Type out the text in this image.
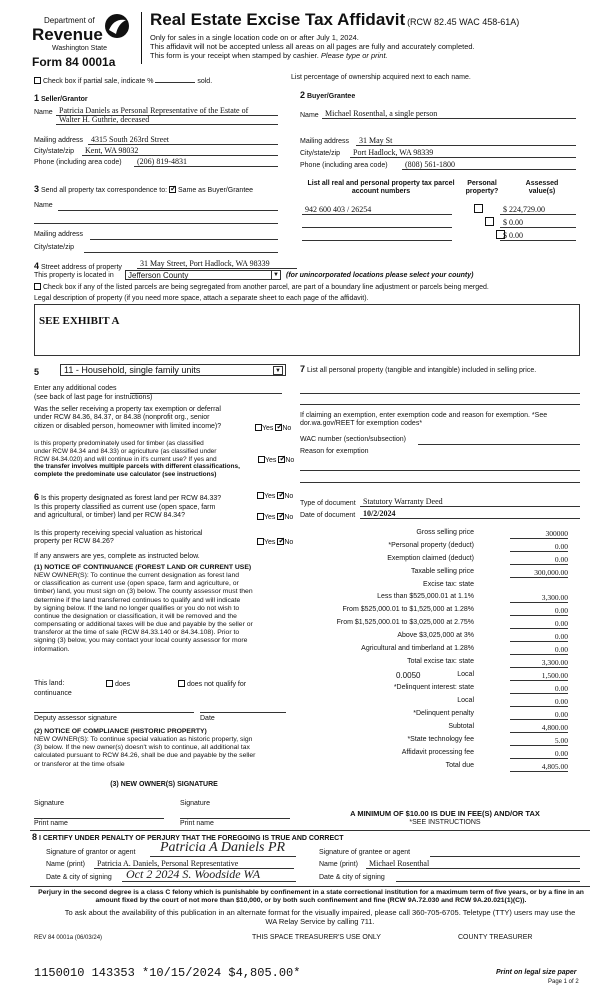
Department of
Revenue
Washington State
Form 84 0001a
Real Estate Excise Tax Affidavit (RCW 82.45 WAC 458-61A)
Only for sales in a single location code on or after July 1, 2024.
This affidavit will not be accepted unless all areas on all pages are fully and accurately completed.
This form is your receipt when stamped by cashier. Please type or print.
Check box if partial sale, indicate %	sold.
List percentage of ownership acquired next to each name.
1 Seller/Grantor
Name Patricia Daniels as Personal Representative of the Estate of
Walter H. Guthrie, deceased
Mailing address 4315 South 263rd Street
City/state/zip	Kent, WA 98032
Phone (including area code)	(206) 819-4831
2 Buyer/Grantee
Name Michael Rosenthal, a single person
Mailing address	31 May St
City/state/zip	Port Hadlock, WA 98339
Phone (including area code)	(808) 561-1800
3 Send all property tax correspondence to: ✓ Same as Buyer/Grantee
Name
Mailing address
City/state/zip
List all real and personal property tax parcel account numbers
Personal property?
Assessed value(s)
942 600 403 / 26254
	$ 224,729.00

$ 0.00
$ 0.00
4 Street address of property	31 May Street, Port Hadlock, WA 98339
This property is located in	Jefferson County	▼ (for unincorporated locations please select your county)
Check box if any of the listed parcels are being segregated from another parcel, are part of a boundary line adjustment or parcels being merged.
Legal description of property (if you need more space, attach a separate sheet to each page of the affidavit).
SEE EXHIBIT A
5	11 - Household, single family units	▼
Enter any additional codes
(see back of last page for instructions)
Was the seller receiving a property tax exemption or deferral
under RCW 84.36, 84.37, or 84.38 (nonprofit org., senior
citizen or disabled person, homeowner with limited income)?	Yes ✓ No
Is this property predominately used for timber (as classified
under RCW 84.34 and 84.33) or agriculture (as classified under
RCW 84.34.020) and will continue in it's current use? If yes and
the transfer involves multiple parcels with different classifications,
complete the predominate use calculator (see instructions)
Yes ✓ No
6 Is this property designated as forest land per RCW 84.33?	Yes ✓ No
Is this property classified as current use (open space, farm
and agricultural, or timber) land per RCW 84.34?	Yes ✓ No
Is this property receiving special valuation as historical
property per RCW 84.26?	Yes ✓ No
If any answers are yes, complete as instructed below.
(1) NOTICE OF CONTINUANCE (FOREST LAND OR CURRENT USE)
NEW OWNER(S): To continue the current designation as forest land
or classification as current use (open space, farm and agriculture, or
timber) land, you must sign on (3) below. The county assessor must then
determine if the land transferred continues to qualify and will indicate
by signing below. If the land no longer qualifies or you do not wish to
continue the designation or classification, it will be removed and the
compensating or additional taxes will be due and payable by the seller or
transferor at the time of sale (RCW 84.33.140 or 84.34.108). Prior to
signing (3) below, you may contact your local county assessor for more
information.
This land:	does	does not qualify for
continuance
Deputy assessor signature	Date
(2) NOTICE OF COMPLIANCE (HISTORIC PROPERTY)
NEW OWNER(S): To continue special valuation as historic property, sign
(3) below. If the new owner(s) doesn't wish to continue, all additional tax
calculated pursuant to RCW 84.26, shall be due and payable by the seller
or transferor at the time ofsale
(3) NEW OWNER(S) SIGNATURE
Signature	Signature
Print name	Print name
7 List all personal property (tangible and intangible) included in selling price.
If claiming an exemption, enter exemption code and reason for exemption. *See dor.wa.gov/REET for exemption codes*
WAC number (section/subsection)
Reason for exemption
Type of document Statutory Warranty Deed
Date of document 10/2/2024
Gross selling price	300000
*Personal property (deduct)	0.00
Exemption claimed (deduct)	0.00
Taxable selling price	300,000.00
Excise tax: state
Less than $525,000.01 at 1.1%	3,300.00
From $525,000.01 to $1,525,000 at 1.28%	0.00
From $1,525,000.01 to $3,025,000 at 2.75%	0.00
Above $3,025,000 at 3%	0.00
Agricultural and timberland at 1.28%	0.00
Total excise tax: state	3,300.00
Local
0.0050	1,500.00
*Delinquent interest: state	0.00
Local	0.00
*Delinquent penalty	0.00
Subtotal	4,800.00
*State technology fee	5.00
Affidavit processing fee	0.00
Total due	4,805.00
A MINIMUM OF $10.00 IS DUE IN FEE(S) AND/OR TAX
*SEE INSTRUCTIONS
8 I CERTIFY UNDER PENALTY OF PERJURY THAT THE FOREGOING IS TRUE AND CORRECT
Signature of grantor or agent Patricia A Daniels PR	Signature of grantee or agent
Name (print)	Patricia A. Daniels, Personal Representative	Name (print)	Michael Rosenthal
Date & city of signing Oct 2 2024 S. Woodside WA	Date & city of signing
Perjury in the second degree is a class C felony which is punishable by confinement in a state correctional institution for a maximum term of five years, or by a fine in an amount fixed by the court of not more than $10,000, or by both such confinement and fine (RCW 9A.72.030 and RCW 9A.20.021(1)(C)).
To ask about the availability of this publication in an alternate format for the visually impaired, please call 360-705-6705. Teletype (TTY) users may use the WA Relay Service by calling 711.
REV 84 0001a (06/03/24)	THIS SPACE TREASURER'S USE ONLY	COUNTY TREASURER
1150010 143353 *10/15/2024 $4,805.00*	Print on legal size paper
Page 1 of 2
